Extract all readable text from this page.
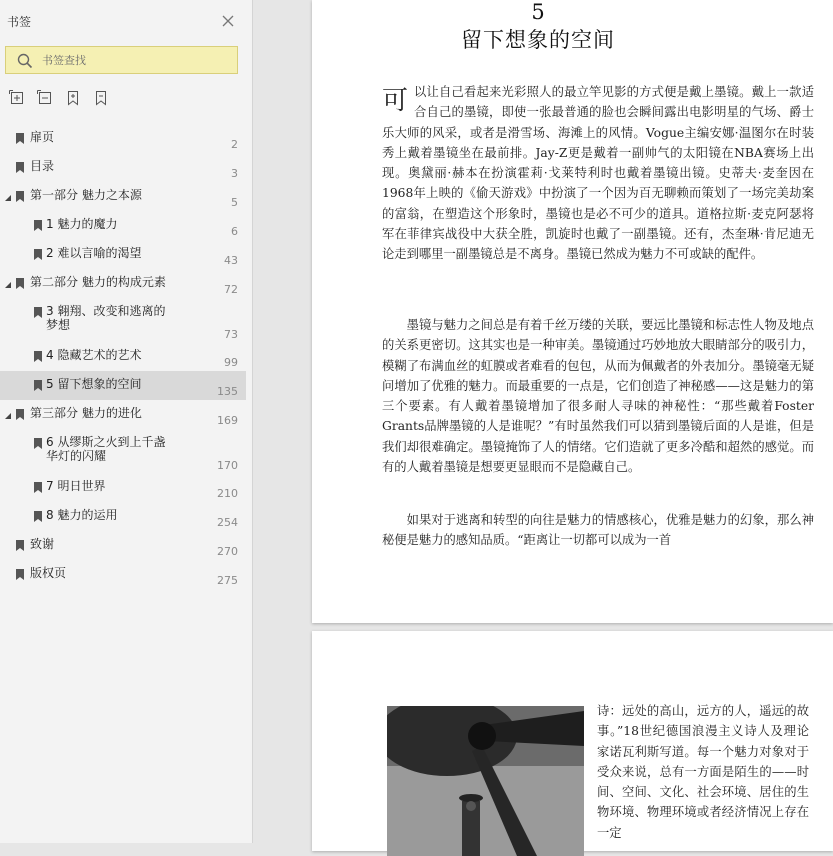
书签
书签查找
扉页
2
目录
3
第一部分 魅力之本源
5
1 魅力的魔力
6
2 难以言喻的渴望
43
第二部分 魅力的构成元素
72
3 翱翔、改变和逃离的
梦想
73
4 隐藏艺术的艺术
99
5 留下想象的空间
135
第三部分 魅力的进化
169
6 从缪斯之火到上千盏
华灯的闪耀
170
7 明日世界
210
8 魅力的运用
254
致谢
270
版权页
275
5
留下想象的空间
可以让自己看起来光彩照人的最立竿见影的方式便是戴上墨镜。戴上一款适合自己的墨镜，即使一张最普通的脸也会瞬间露出电影明星的气场、爵士乐大师的风采，或者是滑雪场、海滩上的风情。Vogue主编安娜·温图尔在时装秀上戴着墨镜坐在最前排。Jay-Z更是戴着一副帅气的太阳镜在NBA赛场上出现。奥黛丽·赫本在扮演霍莉·戈莱特利时也戴着墨镜出镜。史蒂夫·麦奎因在1968年上映的《偷天游戏》中扮演了一个因为百无聊赖而策划了一场完美劫案的富翁，在塑造这个形象时，墨镜也是必不可少的道具。道格拉斯·麦克阿瑟将军在菲律宾战役中大获全胜，凯旋时也戴了一副墨镜。还有，杰奎琳·肯尼迪无论走到哪里一副墨镜总是不离身。墨镜已然成为魅力不可或缺的配件。
墨镜与魅力之间总是有着千丝万缕的关联，要远比墨镜和标志性人物及地点的关系更密切。这其实也是一种审美。墨镜通过巧妙地放大眼睛部分的吸引力，模糊了布满血丝的虹膜或者难看的包包，从而为佩戴者的外表加分。墨镜毫无疑问增加了优雅的魅力。而最重要的一点是，它们创造了神秘感——这是魅力的第三个要素。有人戴着墨镜增加了很多耐人寻味的神秘性：“那些戴着Foster Grants品牌墨镜的人是谁呢？”有时虽然我们可以猜到墨镜后面的人是谁，但是我们却很难确定。墨镜掩饰了人的情绪。它们造就了更多冷酷和超然的感觉。而有的人戴着墨镜是想要更显眼而不是隐藏自己。
如果对于逃离和转型的向往是魅力的情感核心，优雅是魅力的幻象，那么神秘便是魅力的感知品质。“距离让一切都可以成为一首
诗：远处的高山，远方的人，遥远的故事。”18世纪德国浪漫主义诗人及理论家诺瓦利斯写道。每一个魅力对象对于受众来说，总有一方面是陌生的——时间、空间、文化、社会环境、居住的生物环境、物理环境或者经济情况上存在一定
